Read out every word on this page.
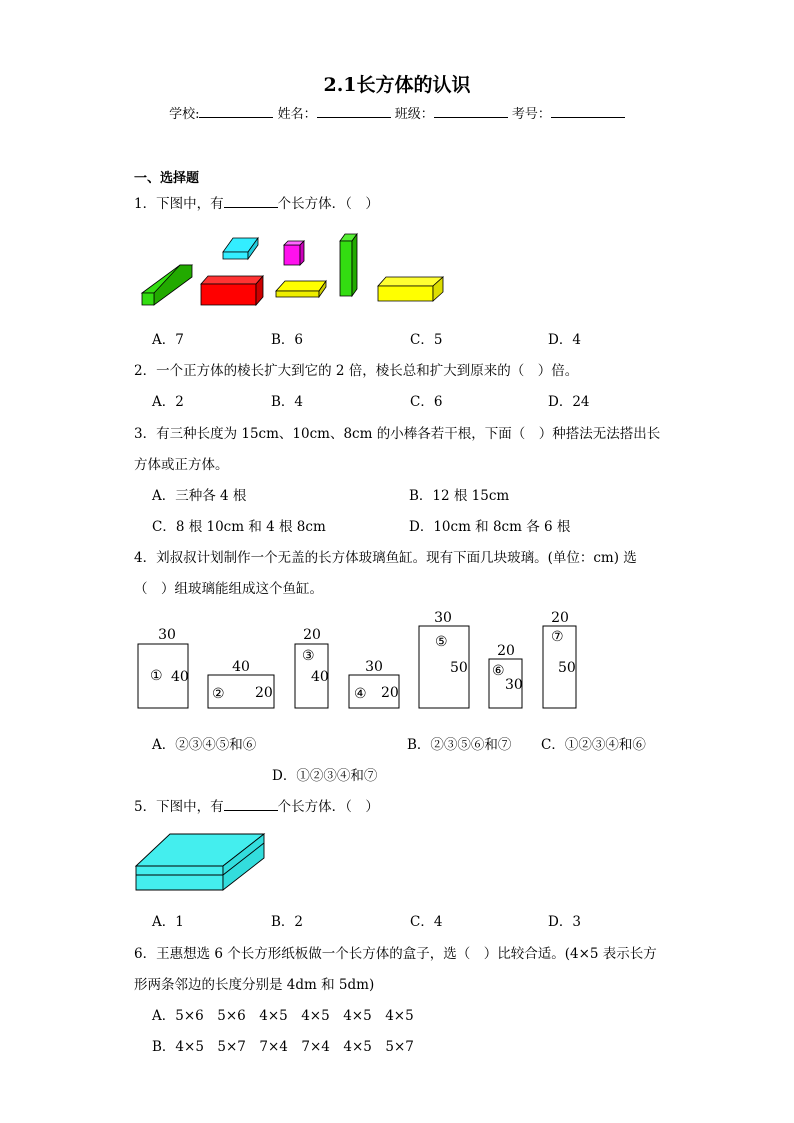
2.1长方体的认识
学校:	姓名：	班级：	考号：
一、选择题
1．下图中，有	个长方体．（　）
A．7	B．6	C．5	D．4
2．一个正方体的棱长扩大到它的 2 倍，棱长总和扩大到原来的（　）倍。
A．2	B．4	C．6	D．24
3．有三种长度为 15cm、10cm、8cm 的小棒各若干根，下面（　）种搭法无法搭出长
方体或正方体。
A．三种各 4 根	B．12 根 15cm
C．8 根 10cm 和 4 根 8cm	D．10cm 和 8cm 各 6 根
4．刘叔叔计划制作一个无盖的长方体玻璃鱼缸。现有下面几块玻璃。(单位：cm) 选
（　）组玻璃能组成这个鱼缸。
30
① 40
40
② 20
20
③
40
30
④ 20
30
⑤
50
20
⑥
30
20
⑦
50
A．②③④⑤和⑥	B．②③⑤⑥和⑦ C．①②③④和⑥
D．①②③④和⑦
5．下图中，有	个长方体．（　）
A．1	B．2	C．4	D．3
6．王惠想选 6 个长方形纸板做一个长方体的盒子，选（　）比较合适。(4×5 表示长方
形两条邻边的长度分别是 4dm 和 5dm)
A．5×6　5×6　4×5　4×5　4×5　4×5
B．4×5　5×7　7×4　7×4　4×5　5×7
